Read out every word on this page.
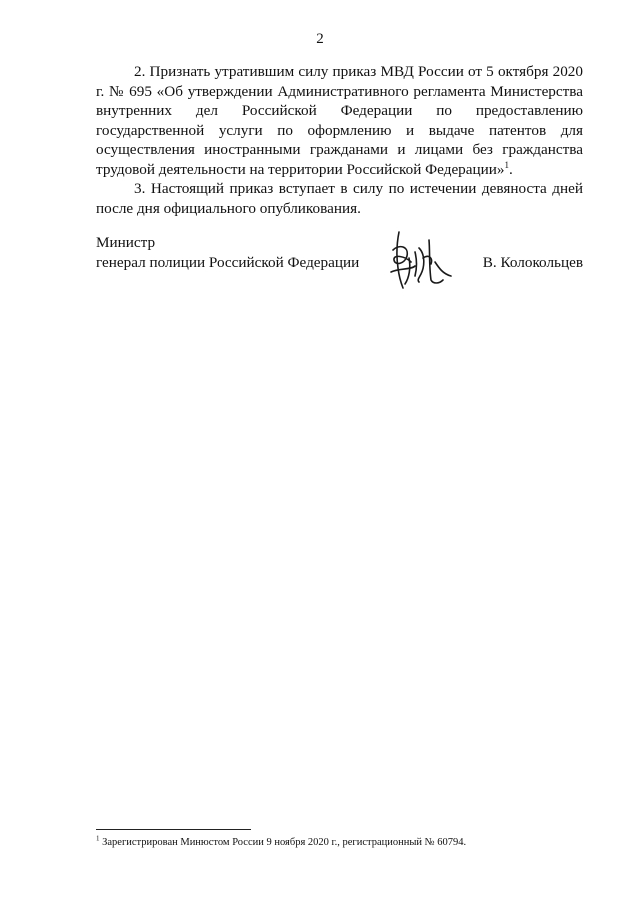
2

2. Признать утратившим силу приказ МВД России от 5 октября 2020 г. № 695 «Об утверждении Административного регламента Министерства внутренних дел Российской Федерации по предоставлению государственной услуги по оформлению и выдаче патентов для осуществления иностранными гражданами и лицами без гражданства трудовой деятельности на территории Российской Федерации»$^1$.

3. Настоящий приказ вступает в силу по истечении девяноста дней после дня официального опубликования.

Министр
генерал полиции Российской Федерации	В. Колокольцев
$^1$ Зарегистрирован Минюстом России 9 ноября 2020 г., регистрационный № 60794.
